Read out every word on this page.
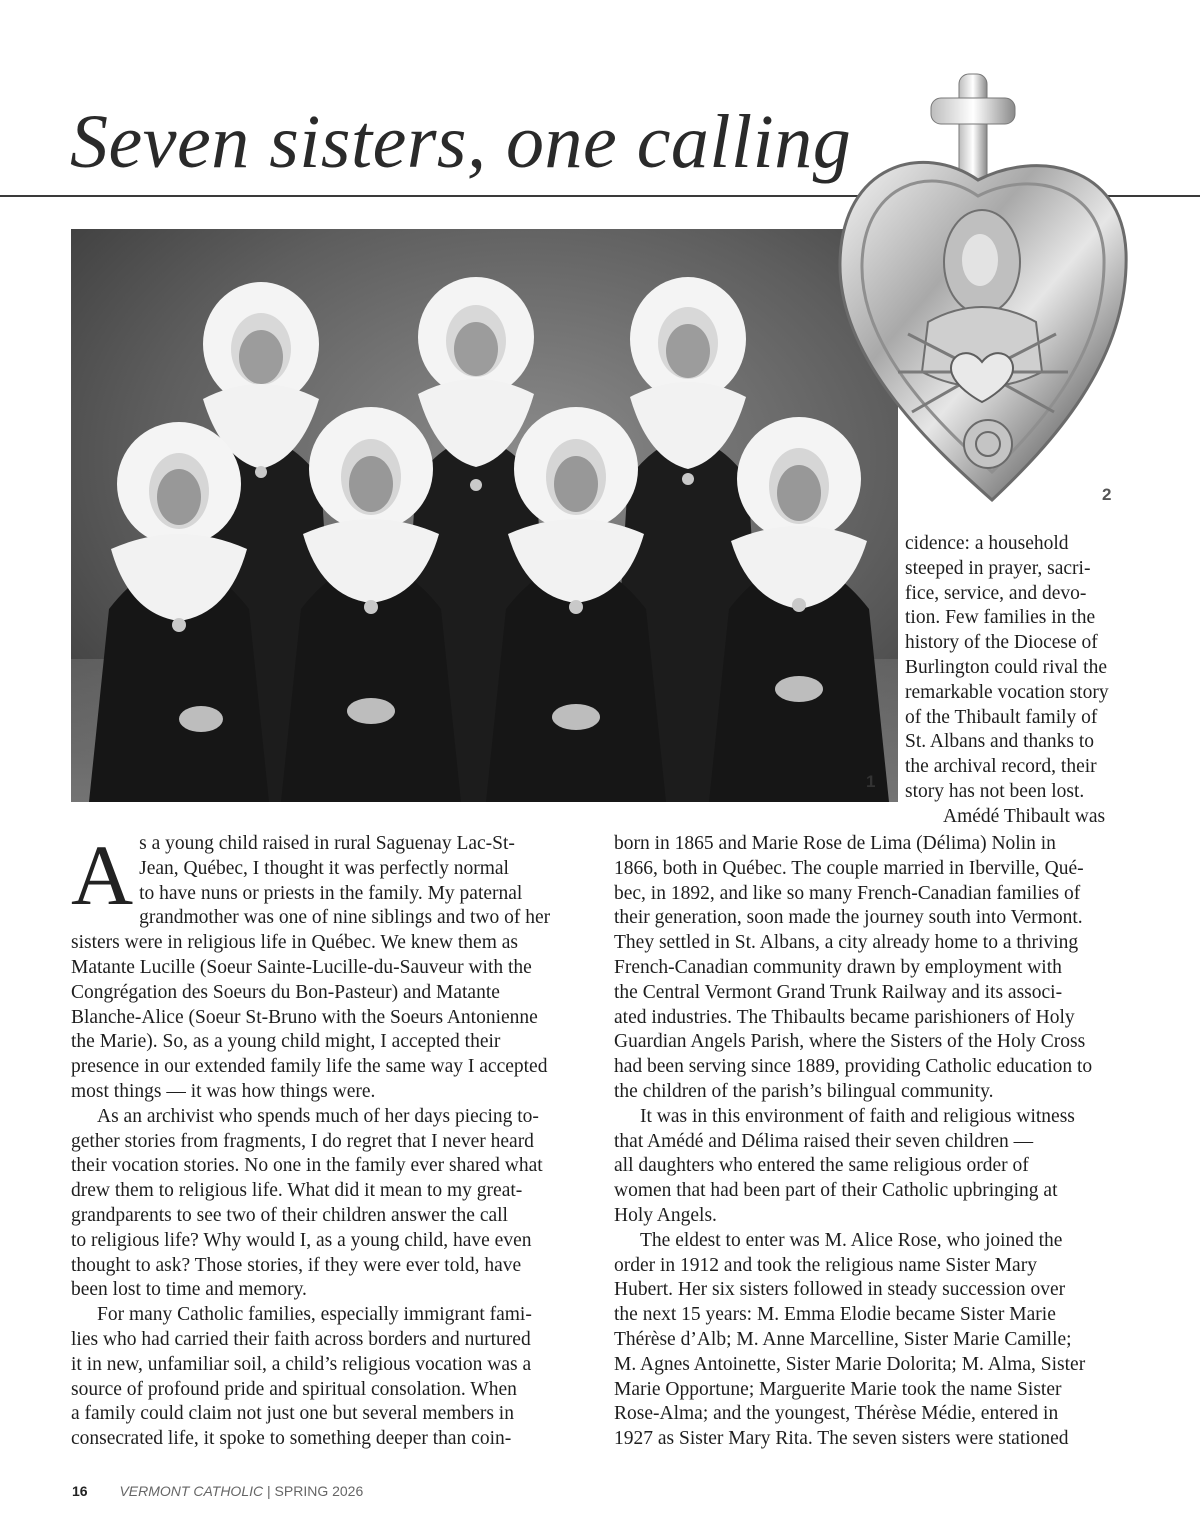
Seven sisters, one calling
1
2

cidence: a household

steeped in prayer, sacri-

fice, service, and devo-

tion. Few families in the

history of the Diocese of

Burlington could rival the

remarkable vocation story

of the Thibault family of

St. Albans and thanks to

the archival record, their

story has not been lost.

Amédé Thibault was

A s a young child raised in rural Saguenay Lac-St-

Jean, Québec, I thought it was perfectly normal

to have nuns or priests in the family. My paternal

grandmother was one of nine siblings and two of her

sisters were in religious life in Québec. We knew them as

Matante Lucille (Soeur Sainte-Lucille-du-Sauveur with the

Congrégation des Soeurs du Bon-Pasteur) and Matante

Blanche-Alice (Soeur St-Bruno with the Soeurs Antonienne

the Marie). So, as a young child might, I accepted their

presence in our extended family life the same way I accepted

most things — it was how things were.

As an archivist who spends much of her days piecing to-

gether stories from fragments, I do regret that I never heard

their vocation stories. No one in the family ever shared what

drew them to religious life. What did it mean to my great-

grandparents to see two of their children answer the call

to religious life? Why would I, as a young child, have even

thought to ask? Those stories, if they were ever told, have

been lost to time and memory.

For many Catholic families, especially immigrant fami-

lies who had carried their faith across borders and nurtured

it in new, unfamiliar soil, a child’s religious vocation was a

source of profound pride and spiritual consolation. When

a family could claim not just one but several members in

consecrated life, it spoke to something deeper than coin-

born in 1865 and Marie Rose de Lima (Délima) Nolin in

1866, both in Québec. The couple married in Iberville, Qué-

bec, in 1892, and like so many French-Canadian families of

their generation, soon made the journey south into Vermont.

They settled in St. Albans, a city already home to a thriving

French-Canadian community drawn by employment with

the Central Vermont Grand Trunk Railway and its associ-

ated industries. The Thibaults became parishioners of Holy

Guardian Angels Parish, where the Sisters of the Holy Cross

had been serving since 1889, providing Catholic education to

the children of the parish’s bilingual community.

It was in this environment of faith and religious witness

that Amédé and Délima raised their seven children —

all daughters who entered the same religious order of

women that had been part of their Catholic upbringing at

Holy Angels.

The eldest to enter was M. Alice Rose, who joined the

order in 1912 and took the religious name Sister Mary

Hubert. Her six sisters followed in steady succession over

the next 15 years: M. Emma Elodie became Sister Marie

Thérèse d’Alb; M. Anne Marcelline, Sister Marie Camille;

M. Agnes Antoinette, Sister Marie Dolorita; M. Alma, Sister

Marie Opportune; Marguerite Marie took the name Sister

Rose-Alma; and the youngest, Thérèse Médie, entered in

1927 as Sister Mary Rita. The seven sisters were stationed

16 VERMONT CATHOLIC | SPRING 2026
